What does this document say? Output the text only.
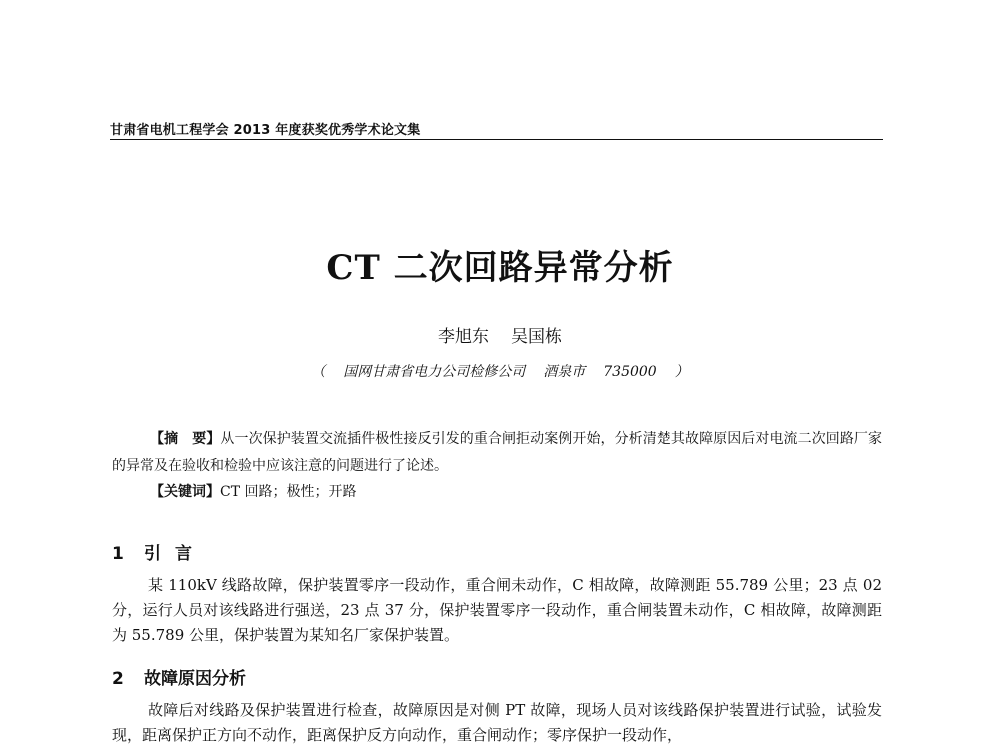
甘肃省电机工程学会 2013 年度获奖优秀学术论文集
CT 二次回路异常分析
李旭东 吴国栋
（ 国网甘肃省电力公司检修公司 酒泉市 735000 ）
【摘　要】从一次保护装置交流插件极性接反引发的重合闸拒动案例开始，分析清楚其故障原因后对电流二次回路厂家的异常及在验收和检验中应该注意的问题进行了论述。
【关键词】CT 回路；极性；开路
1 引言
某 110kV 线路故障，保护装置零序一段动作，重合闸未动作，C 相故障，故障测距 55.789 公里；23 点 02 分，运行人员对该线路进行强送，23 点 37 分，保护装置零序一段动作，重合闸装置未动作，C 相故障，故障测距为 55.789 公里，保护装置为某知名厂家保护装置。
2 故障原因分析
故障后对线路及保护装置进行检查，故障原因是对侧 PT 故障，现场人员对该线路保护装置进行试验，试验发现，距离保护正方向不动作，距离保护反方向动作，重合闸动作；零序保护一段动作，
